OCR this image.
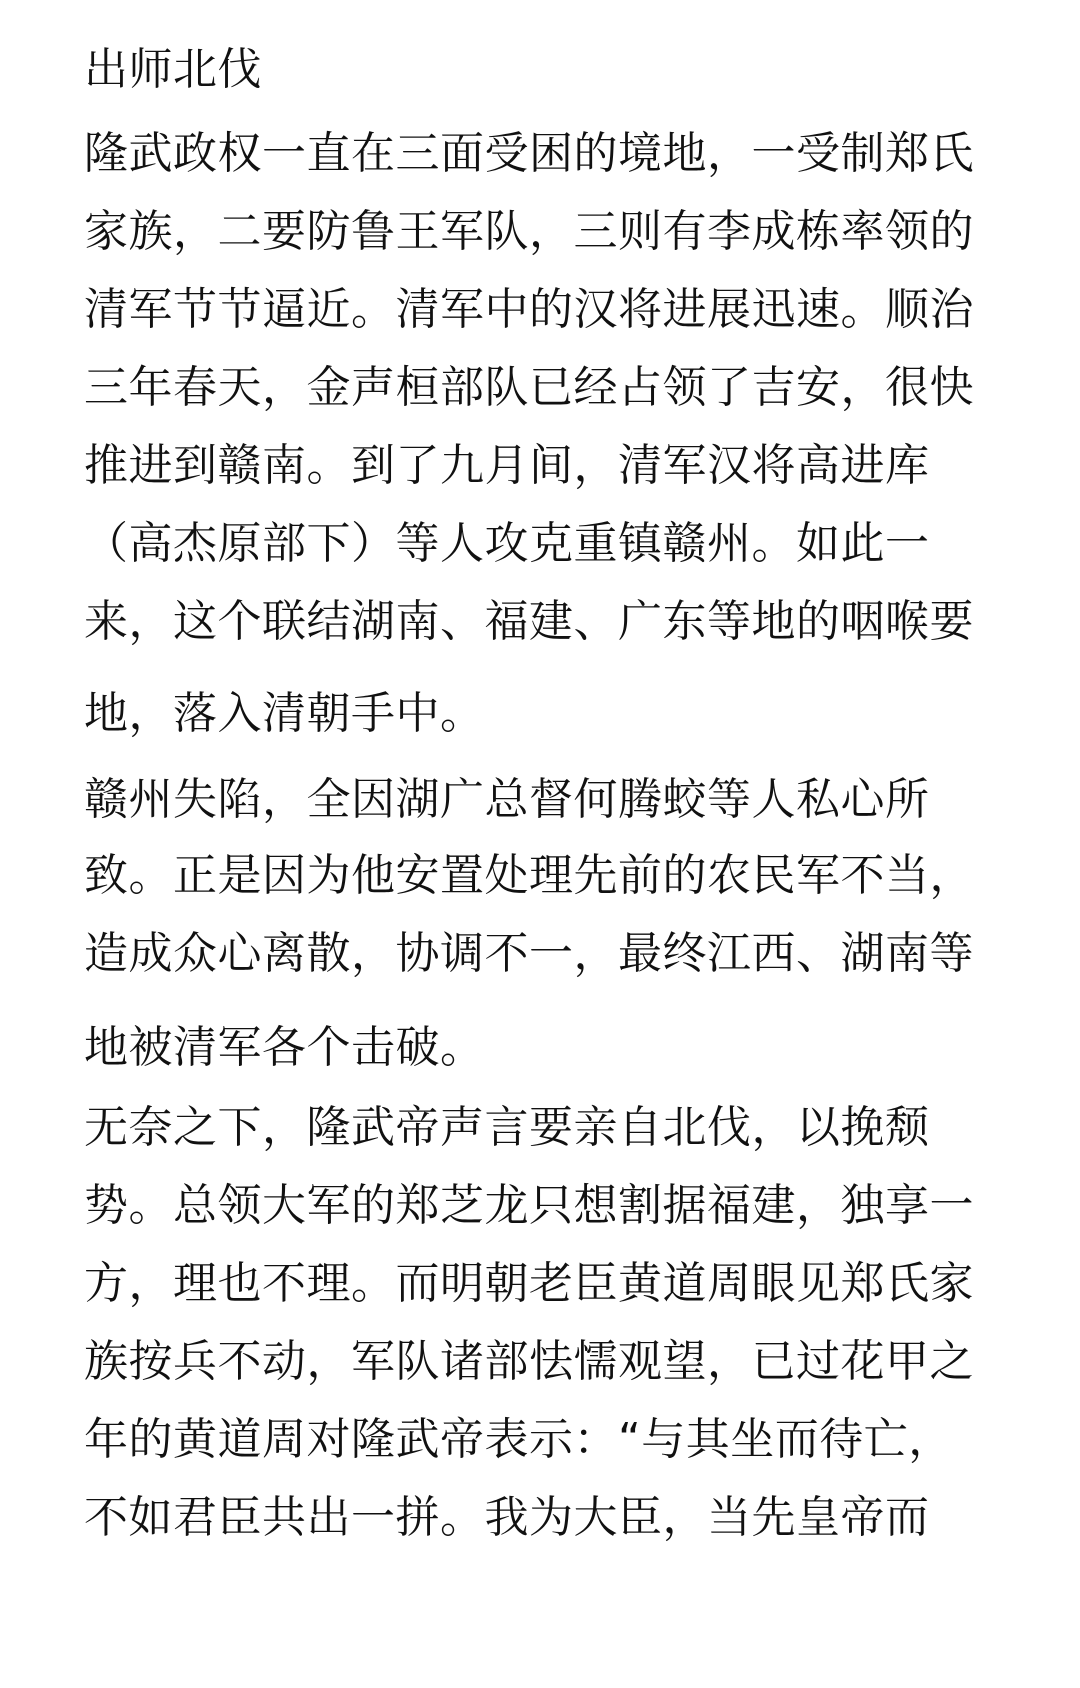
出师北伐
隆武政权一直在三面受困的境地，一受制郑氏
家族，二要防鲁王军队，三则有李成栋率领的
清军节节逼近。清军中的汉将进展迅速。顺治
三年春天，金声桓部队已经占领了吉安，很快
推进到赣南。到了九月间，清军汉将高进库
（高杰原部下）等人攻克重镇赣州。如此一
来，这个联结湖南、福建、广东等地的咽喉要
地，落入清朝手中。
赣州失陷，全因湖广总督何腾蛟等人私心所
致。正是因为他安置处理先前的农民军不当，
造成众心离散，协调不一，最终江西、湖南等
地被清军各个击破。
无奈之下，隆武帝声言要亲自北伐，以挽颓
势。总领大军的郑芝龙只想割据福建，独享一
方，理也不理。而明朝老臣黄道周眼见郑氏家
族按兵不动，军队诸部怯懦观望，已过花甲之
年的黄道周对隆武帝表示：“与其坐而待亡，
不如君臣共出一拼。我为大臣，当先皇帝而
